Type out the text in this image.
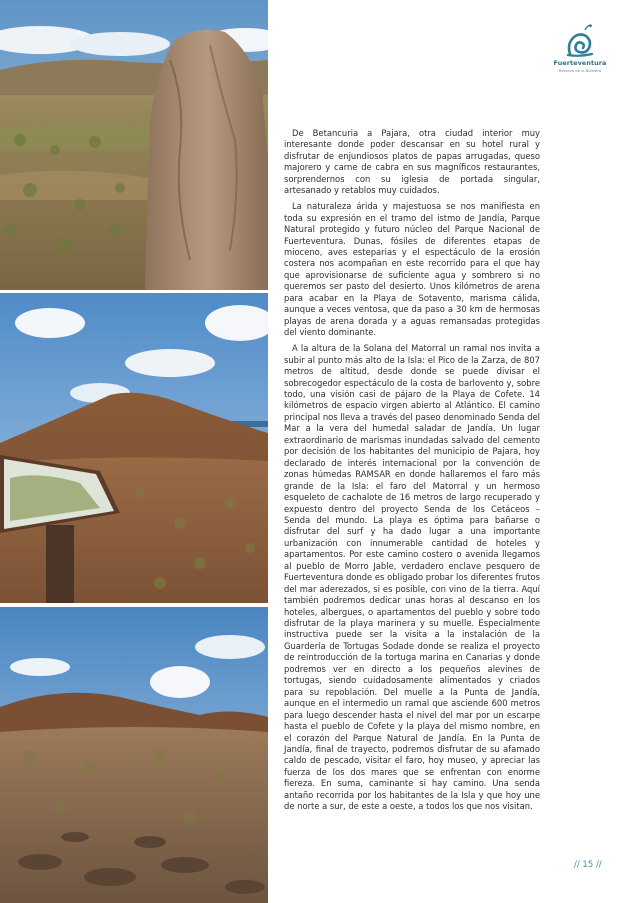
Fuerteventura
Reserva de la Biosfera

De Betancuria a Pajara, otra ciudad interior muy interesante donde poder descansar en su hotel rural y disfrutar de enjundiosos platos de papas arrugadas, queso majorero y carne de cabra en sus magníficos restaurantes, sorprendernos con su iglesia de portada singular, artesanado y retablos muy cuidados.

La naturaleza árida y majestuosa se nos manifiesta en toda su expresión en el tramo del istmo de Jandía, Parque Natural protegido y futuro núcleo del Parque Nacional de Fuerteventura. Dunas, fósiles de diferentes etapas de mioceno, aves esteparias y el espectáculo de la erosión costera nos acompañan en este recorrido para el que hay que aprovisionarse de suficiente agua y sombrero si no queremos ser pasto del desierto. Unos kilómetros de arena para acabar en la Playa de Sotavento, marisma cálida, aunque a veces ventosa, que da paso a 30 km de hermosas playas de arena dorada y a aguas remansadas protegidas del viento dominante.

A la altura de la Solana del Matorral un ramal nos invita a subir al punto más alto de la Isla: el Pico de la Zarza, de 807 metros de altitud, desde donde se puede divisar el sobrecogedor espectáculo de la costa de barlovento y, sobre todo, una visión casi de pájaro de la Playa de Cofete. 14 kilómetros de espacio virgen abierto al Atlántico. El camino principal nos lleva a través del paseo denominado Senda del Mar a la vera del humedal saladar de Jandía. Un lugar extraordinario de marismas inundadas salvado del cemento por decisión de los habitantes del municipio de Pajara, hoy declarado de interés internacional por la convención de zonas húmedas RAMSAR en donde hallaremos el faro más grande de la Isla: el faro del Matorral y un hermoso esqueleto de cachalote de 16 metros de largo recuperado y expuesto dentro del proyecto Senda de los Cetáceos – Senda del mundo. La playa es óptima para bañarse o disfrutar del surf y ha dado lugar a una importante urbanización con innumerable cantidad de hoteles y apartamentos. Por este camino costero o avenida llegamos al pueblo de Morro Jable, verdadero enclave pesquero de Fuerteventura donde es obligado probar los diferentes frutos del mar aderezados, si es posible, con vino de la tierra. Aquí también podremos dedicar unas horas al descanso en los hoteles, albergues, o apartamentos del pueblo y sobre todo disfrutar de la playa marinera y su muelle. Especialmente instructiva puede ser la visita a la instalación de la Guardería de Tortugas Sodade donde se realiza el proyecto de reintroducción de la tortuga marina en Canarias y donde podremos ver en directo a los pequeños alevines de tortugas, siendo cuidadosamente alimentados y criados para su repoblación. Del muelle a la Punta de Jandía, aunque en el intermedio un ramal que asciende 600 metros para luego descender hasta el nivel del mar por un escarpe hasta el pueblo de Cofete y la playa del mismo nombre, en el corazón del Parque Natural de Jandía. En la Punta de Jandía, final de trayecto, podremos disfrutar de su afamado caldo de pescado, visitar el faro, hoy museo, y apreciar las fuerza de los dos mares que se enfrentan con enorme fiereza. En suma, caminante si hay camino. Una senda antaño recorrida por los habitantes de la Isla y que hoy une de norte a sur, de este a oeste, a todos los que nos visitan.

// 15 //
